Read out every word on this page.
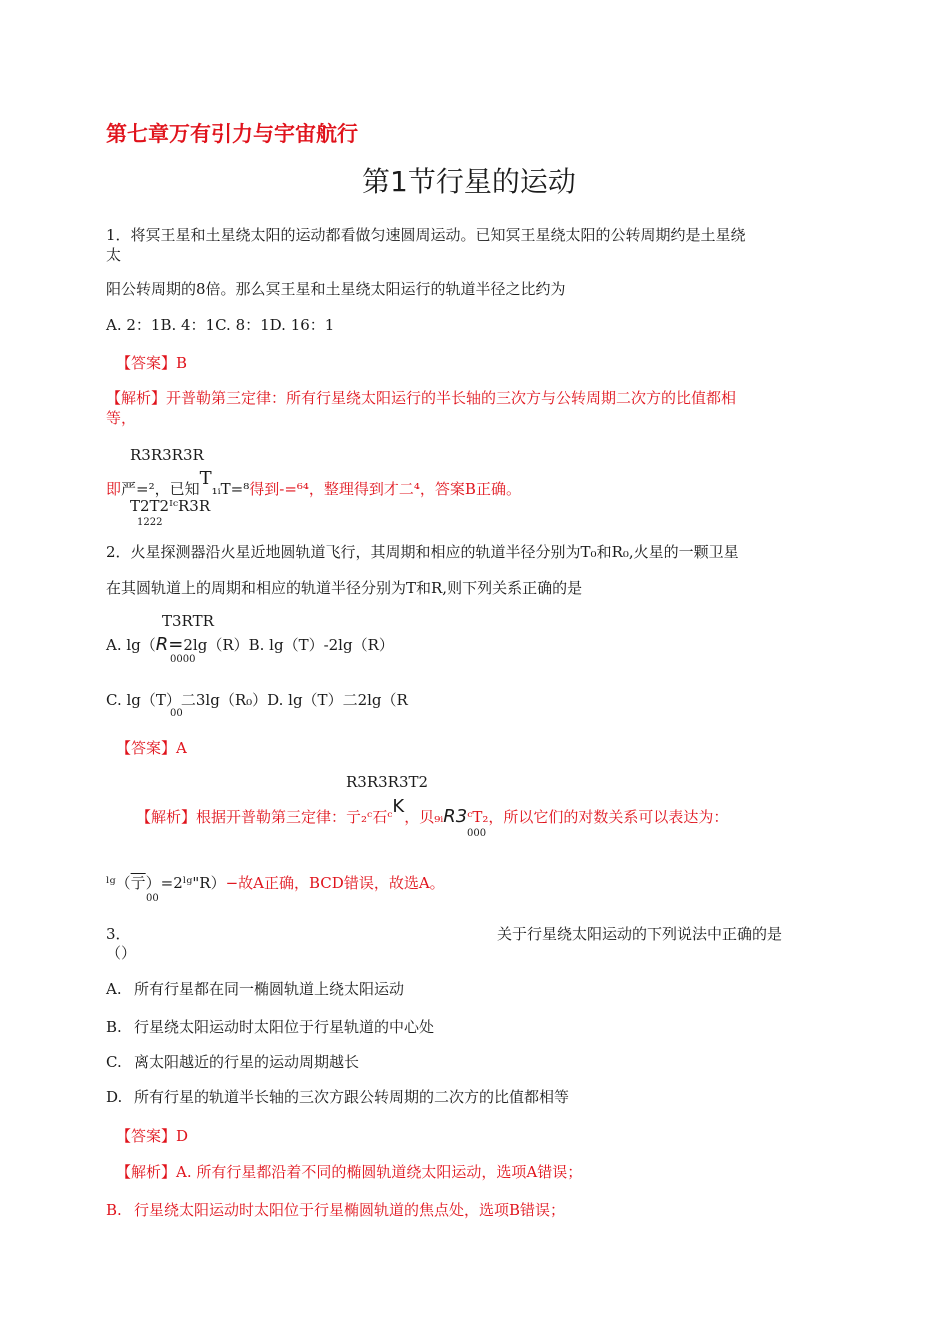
第七章万有引力与宇宙航行
第1节行星的运动
1．将冥王星和土星绕太阳的运动都看做匀速圆周运动。已知冥王星绕太阳的公转周期约是土星绕
太
阳公转周期的8倍。那么冥王星和土星绕太阳运行的轨道半径之比约为
A. 2：1B. 4：1C. 8：1D. 16：1
【答案】B
【解析】开普勒第三定律：所有行星绕太阳运行的半长轴的三次方与公转周期二次方的比值都相
等，
R3R3R3R
即严=²，已知T₁ᵢT=⁸得到-=⁶⁴，整理得到才二⁴，答案B正确。
T2T2ᴵᶜR3R
1222
2．火星探测器沿火星近地圆轨道飞行，其周期和相应的轨道半径分别为T₀和R₀,火星的一颗卫星
在其圆轨道上的周期和相应的轨道半径分别为T和R,则下列关系正确的是
T3RTR
A. lg（R=2lg（R）B. lg（T）-2lg（R）
0000
C. lg（T）二3lg（R₀）D. lg（T）二2lg（R
00
【答案】A
R3R3R3T2
【解析】根据开普勒第三定律：亍₂ᶜ石ᶜK，贝₉ᵢR3ᶜT₂，所以它们的对数关系可以表达为：
000
ˡᵍ（亍）=2ˡᵍ"R）−故A正确，BCD错误，故选A。
00
3．	关于行星绕太阳运动的下列说法中正确的是
（）
A. 所有行星都在同一椭圆轨道上绕太阳运动
B. 行星绕太阳运动时太阳位于行星轨道的中心处
C. 离太阳越近的行星的运动周期越长
D. 所有行星的轨道半长轴的三次方跟公转周期的二次方的比值都相等
【答案】D
【解析】A. 所有行星都沿着不同的椭圆轨道绕太阳运动，选项A错误；
B. 行星绕太阳运动时太阳位于行星椭圆轨道的焦点处，选项B错误；
